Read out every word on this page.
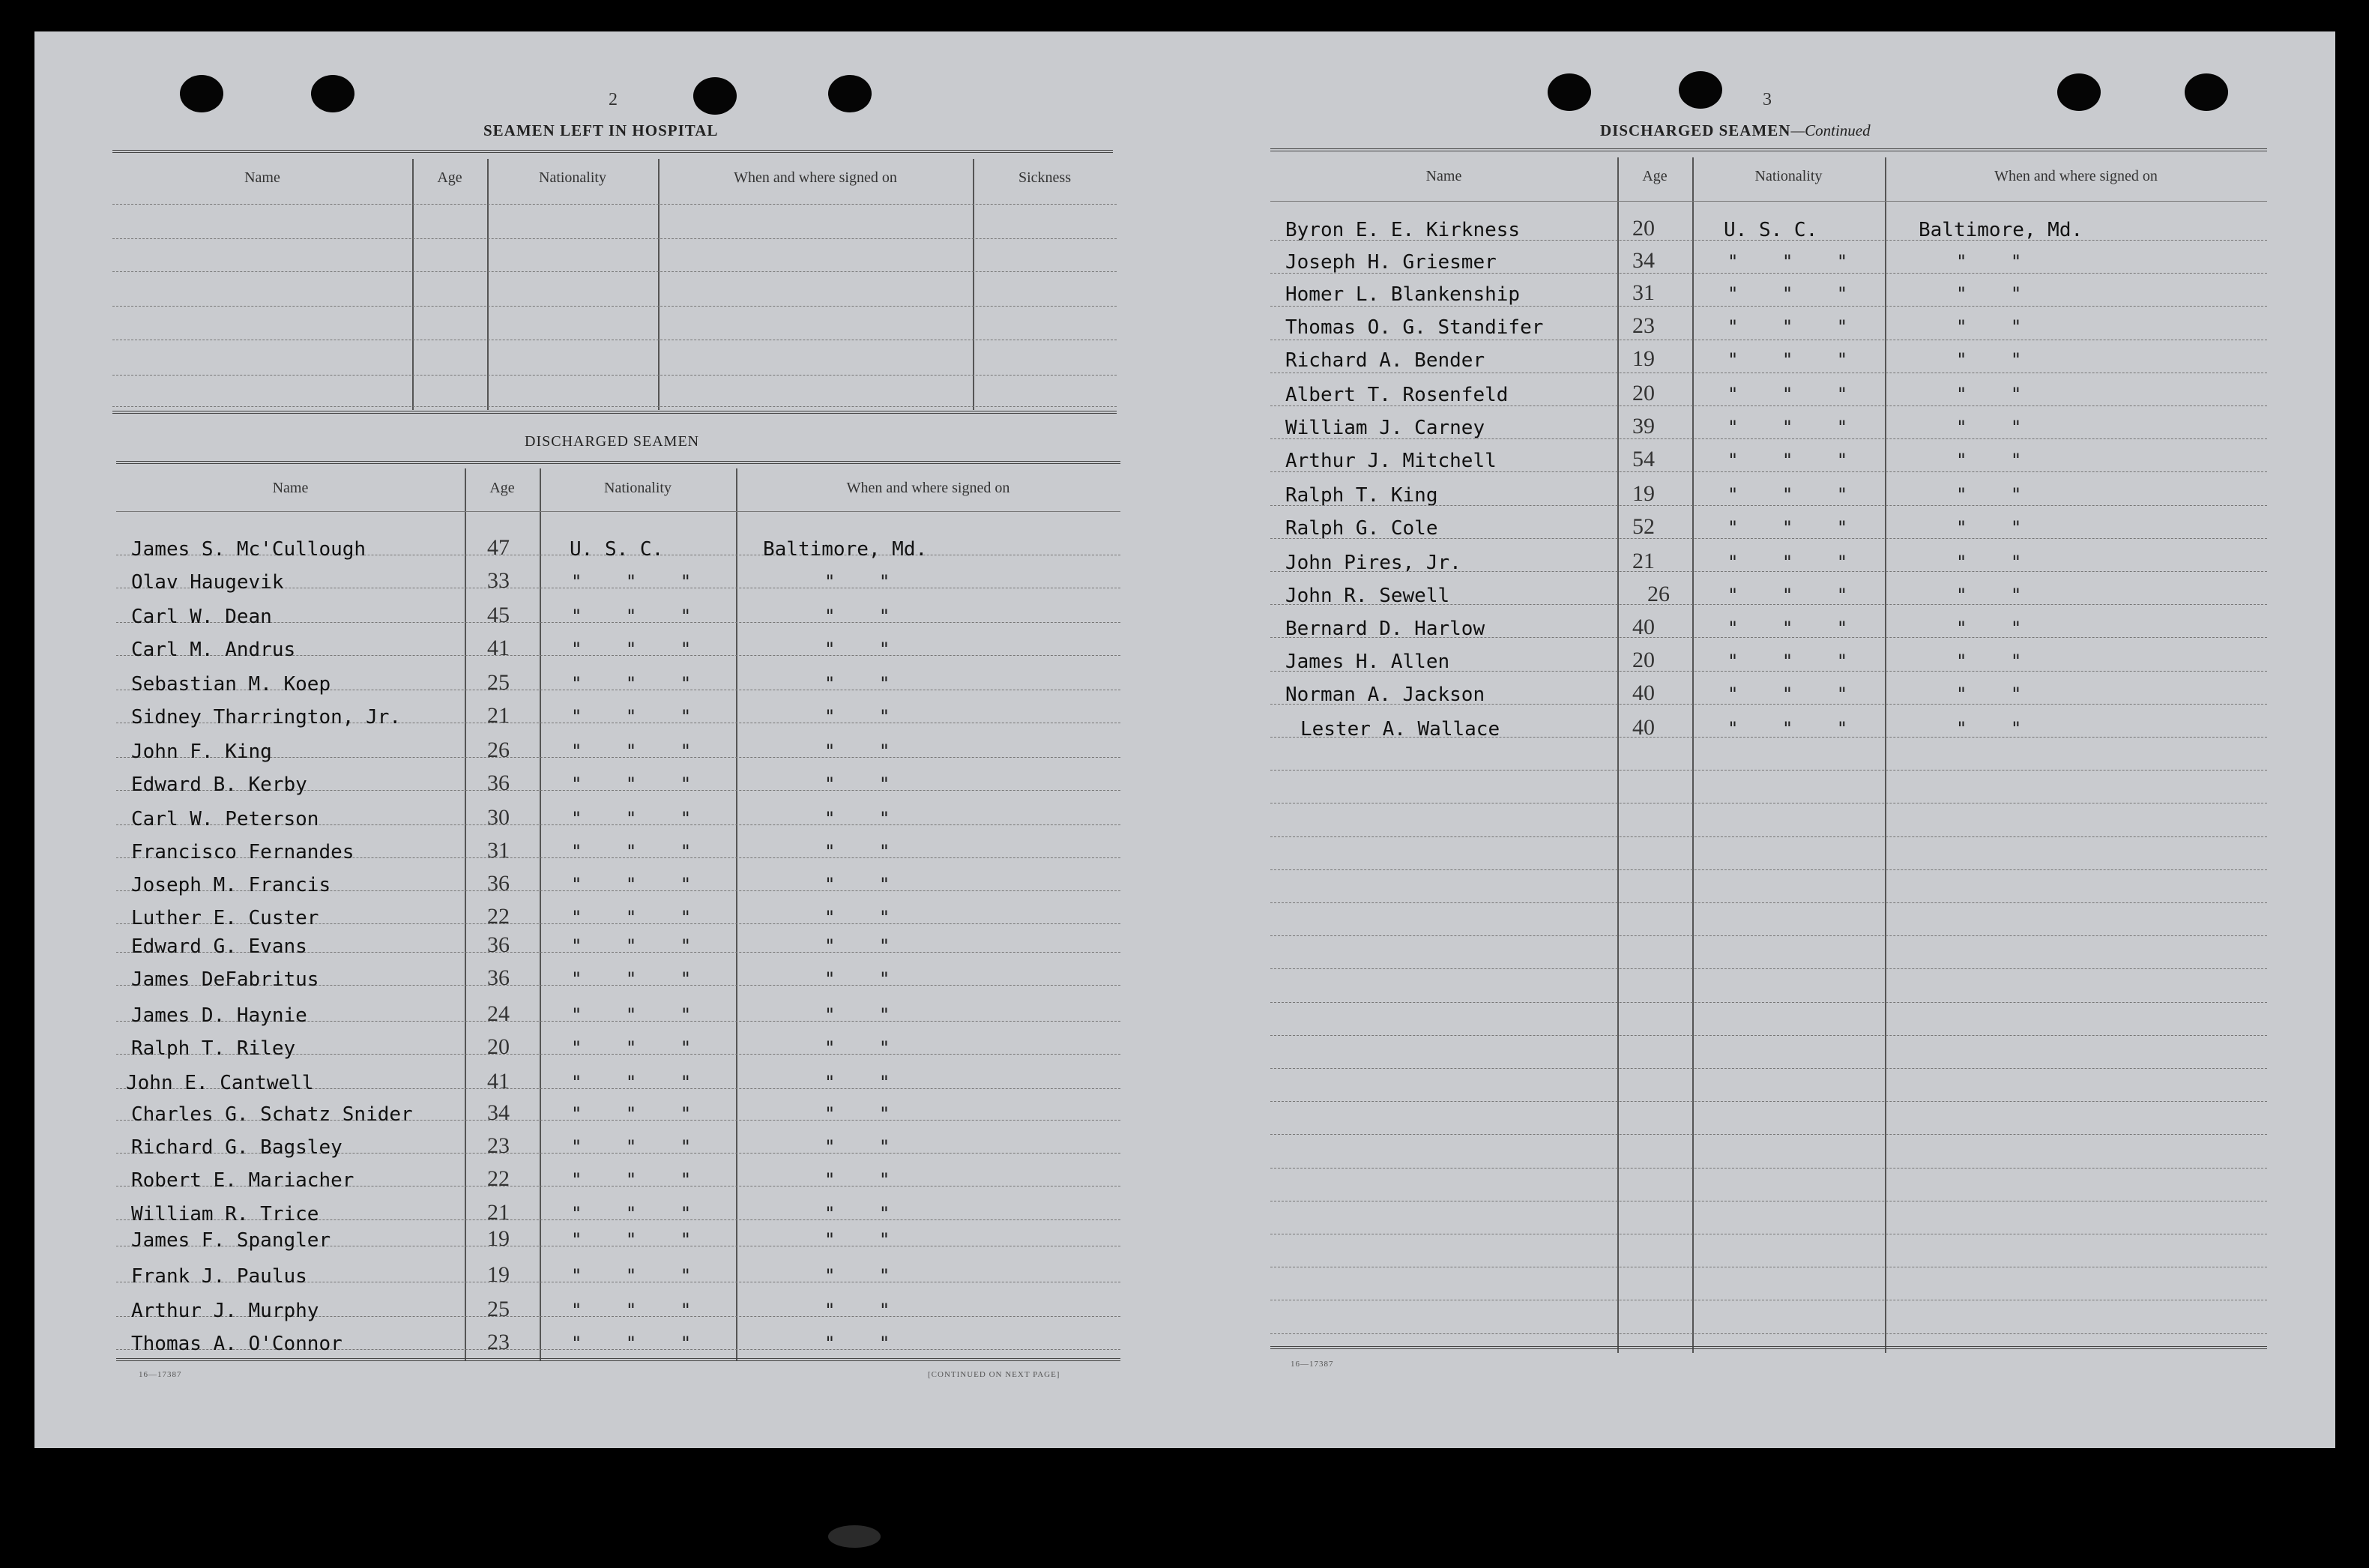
2
SEAMEN LEFT IN HOSPITAL
Name	Age	Nationality	When and where signed on	Sickness
DISCHARGED SEAMEN
Name	Age	Nationality	When and where signed on
James S. Mc'Cullough	47	U. S. C.	Baltimore, Md.
Olav Haugevik	33	" " "	" "
Carl W. Dean	45	" " "	" "
Carl M. Andrus	41	" " "	" "
Sebastian M. Koep	25	" " "	" "
Sidney Tharrington, Jr.	21	" " "	" "
John F. King	26	" " "	" "
Edward B. Kerby	36	" " "	" "
Carl W. Peterson	30	" " "	" "
Francisco Fernandes	31	" " "	" "
Joseph M. Francis	36	" " "	" "
Luther E. Custer	22	" " "	" "
Edward G. Evans	36	" " "	" "
James DeFabritus	36	" " "	" "
James D. Haynie	24	" " "	" "
Ralph T. Riley	20	" " "	" "
John E. Cantwell	41	" " "	" "
Charles G. Schatz Snider	34	" " "	" "
Richard G. Bagsley	23	" " "	" "
Robert E. Mariacher	22	" " "	" "
William R. Trice	21	" " "	" "
James F. Spangler	19	" " "	" "
Frank J. Paulus	19	" " "	" "
Arthur J. Murphy	25	" " "	" "
Thomas A. O'Connor	23	" " "	" "
16—17387	[CONTINUED ON NEXT PAGE]
3
DISCHARGED SEAMEN—Continued
Name	Age	Nationality	When and where signed on
Byron E. E. Kirkness	20	U. S. C.	Baltimore, Md.
Joseph H. Griesmer	34	" " "	" "
Homer L. Blankenship	31	" " "	" "
Thomas O. G. Standifer	23	" " "	" "
Richard A. Bender	19	" " "	" "
Albert T. Rosenfeld	20	" " "	" "
William J. Carney	39	" " "	" "
Arthur J. Mitchell	54	" " "	" "
Ralph T. King	19	" " "	" "
Ralph G. Cole	52	" " "	" "
John Pires, Jr.	21	" " "	" "
John R. Sewell	26	" " "	" "
Bernard D. Harlow	40	" " "	" "
James H. Allen	20	" " "	" "
Norman A. Jackson	40	" " "	" "
Lester A. Wallace	40	" " "	" "
16—17387
